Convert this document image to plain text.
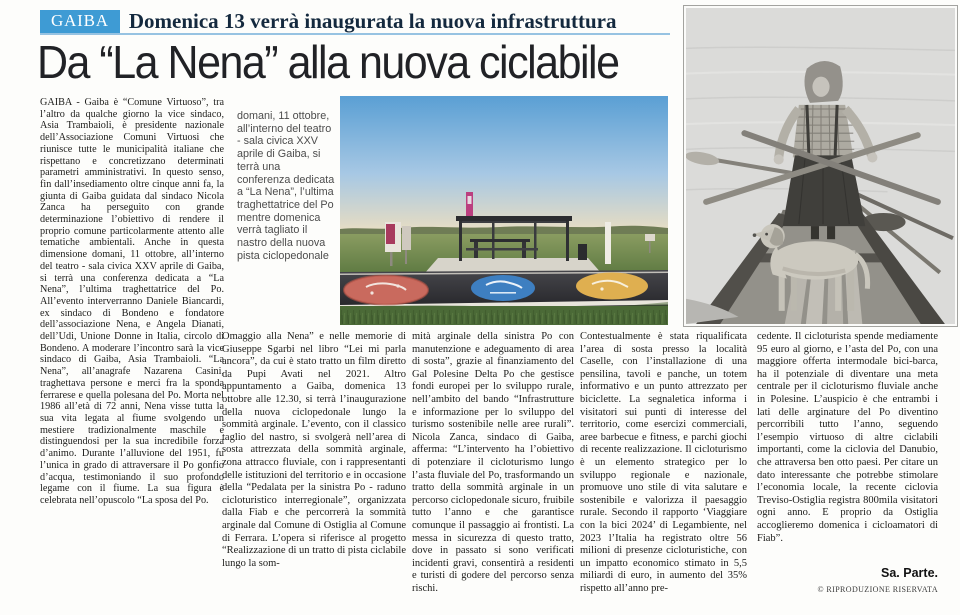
GAIBA Domenica 13 verrà inaugurata la nuova infrastruttura
Da “La Nena” alla nuova ciclabile
GAIBA - Gaiba è “Comune Virtuoso”, tra l’altro da qualche giorno la vice sindaco, Asia Trambaioli, è presidente nazionale dell’Associazione Comuni Virtuosi che riunisce tutte le municipalità italiane che rispettano e concretizzano determinati parametri amministrativi. In questo senso, fin dall’insediamento oltre cinque anni fa, la giunta di Gaiba guidata dal sindaco Nicola Zanca ha perseguito con grande determinazione l’obiettivo di rendere il proprio comune particolarmente attento alle tematiche ambientali. Anche in questa dimensione domani, 11 ottobre, all’interno del teatro - sala civica XXV aprile di Gaiba, si terrà una conferenza dedicata a “La Nena”, l’ultima traghettatrice del Po. All’evento interverranno Daniele Biancardi, ex sindaco di Bondeno e fondatore dell’associazione Nena, e Angela Dianati, dell’Udi, Unione Donne in Italia, circolo di Bondeno. A moderare l’incontro sarà la vice sindaco di Gaiba, Asia Trambaioli. “La Nena”, all’anagrafe Nazarena Casini, traghettava persone e merci fra la sponda ferrarese e quella polesana del Po. Morta nel 1986 all’età di 72 anni, Nena visse tutta la sua vita legata al fiume svolgendo un mestiere tradizionalmente maschile e distinguendosi per la sua incredibile forza d’animo. Durante l’alluvione del 1951, fu l’unica in grado di attraversare il Po gonfio d’acqua, testimoniando il suo profondo legame con il fiume. La sua figura è celebrata nell’opuscolo “La sposa del Po.
domani, 11 ottobre, all’interno del teatro - sala civica XXV aprile di Gaiba, si terrà una conferenza dedicata a “La Nena”, l’ultima traghettatrice del Po mentre domenica verrà tagliato il nastro della nuova pista ciclopedonale
Omaggio alla Nena” e nelle memorie di Giuseppe Sgarbi nel libro “Lei mi parla ancora”, da cui è stato tratto un film diretto da Pupi Avati nel 2021. Altro appuntamento a Gaiba, domenica 13 ottobre alle 12.30, si terrà l’inaugurazione della nuova ciclopedonale lungo la sommità arginale. L’evento, con il classico taglio del nastro, si svolgerà nell’area di sosta attrezzata della sommità arginale, zona attracco fluviale, con i rappresentanti delle istituzioni del territorio e in occasione della “Pedalata per la sinistra Po - raduno cicloturistico interregionale”, organizzata dalla Fiab e che percorrerà la sommità arginale dal Comune di Ostiglia al Comune di Ferrara. L’opera si riferisce al progetto “Realizzazione di un tratto di pista ciclabile lungo la som-
mità arginale della sinistra Po con manutenzione e adeguamento di area di sosta”, grazie al finanziamento del Gal Polesine Delta Po che gestisce fondi europei per lo sviluppo rurale, nell’ambito del bando “Infrastrutture e informazione per lo sviluppo del turismo sostenibile nelle aree rurali”. Nicola Zanca, sindaco di Gaiba, afferma: “L’intervento ha l’obiettivo di potenziare il cicloturismo lungo l’asta fluviale del Po, trasformando un tratto della sommità arginale in un percorso ciclopedonale sicuro, fruibile tutto l’anno e che garantisce comunque il passaggio ai frontisti. La messa in sicurezza di questo tratto, dove in passato si sono verificati incidenti gravi, consentirà a residenti e turisti di godere del percorso senza rischi.
Contestualmente è stata riqualificata l’area di sosta presso la località Caselle, con l’installazione di una pensilina, tavoli e panche, un totem informativo e un punto attrezzato per biciclette. La segnaletica informa i visitatori sui punti di interesse del territorio, come esercizi commerciali, aree barbecue e fitness, e parchi giochi di recente realizzazione. Il cicloturismo è un elemento strategico per lo sviluppo regionale e nazionale, promuove uno stile di vita salutare e sostenibile e valorizza il paesaggio rurale. Secondo il rapporto ‘Viaggiare con la bici 2024’ di Legambiente, nel 2023 l’Italia ha registrato oltre 56 milioni di presenze cicloturistiche, con un impatto economico stimato in 5,5 miliardi di euro, in aumento del 35% rispetto all’anno pre-
cedente. Il cicloturista spende mediamente 95 euro al giorno, e l’asta del Po, con una maggiore offerta intermodale bici-barca, ha il potenziale di diventare una meta centrale per il cicloturismo fluviale anche in Polesine. L’auspicio è che entrambi i lati delle arginature del Po diventino percorribili tutto l’anno, seguendo l’esempio virtuoso di altre ciclabili importanti, come la ciclovia del Danubio, che attraversa ben otto paesi. Per citare un dato interessante che potrebbe stimolare l’economia locale, la recente ciclovia Treviso-Ostiglia registra 800mila visitatori ogni anno. E proprio da Ostiglia accoglieremo domenica i cicloamatori di Fiab”.
Sa. Parte.
© RIPRODUZIONE RISERVATA
